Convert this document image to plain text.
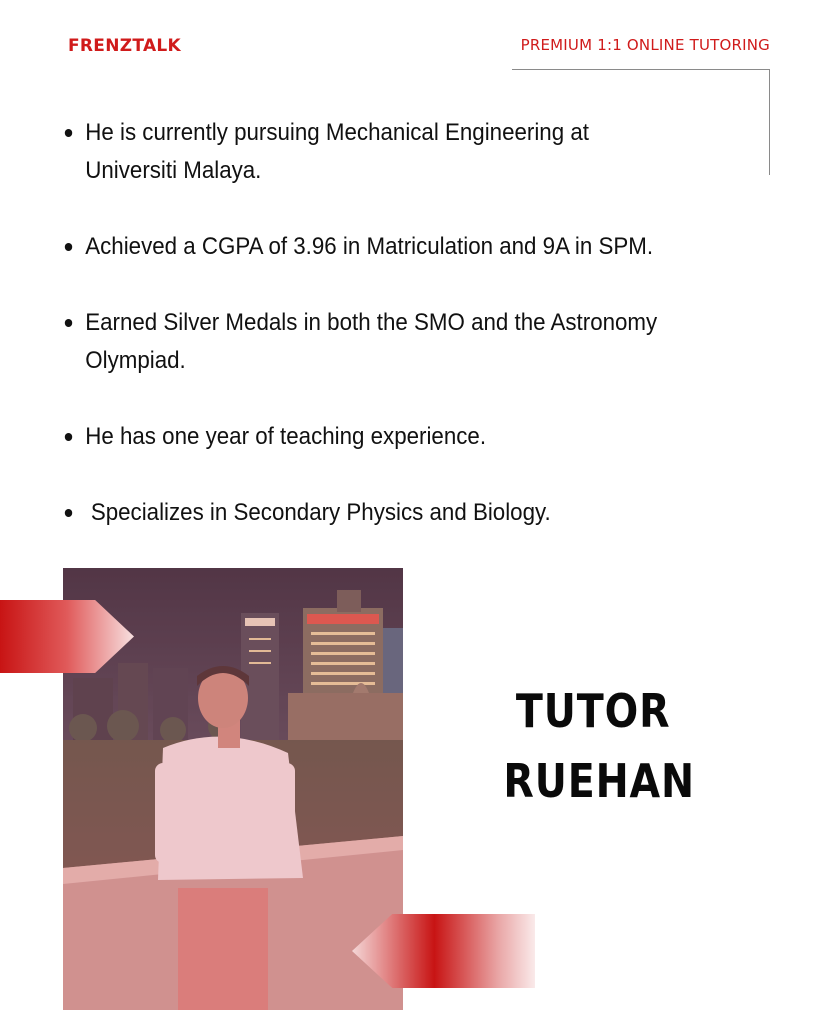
FRENZTALK	PREMIUM 1:1 ONLINE TUTORING
He is currently pursuing Mechanical Engineering at Universiti Malaya.
Achieved a CGPA of 3.96 in Matriculation and 9A in SPM.
Earned Silver Medals in both the SMO and the Astronomy Olympiad.
He has one year of teaching experience.
Specializes in Secondary Physics and Biology.
TUTOR
RUEHAN
